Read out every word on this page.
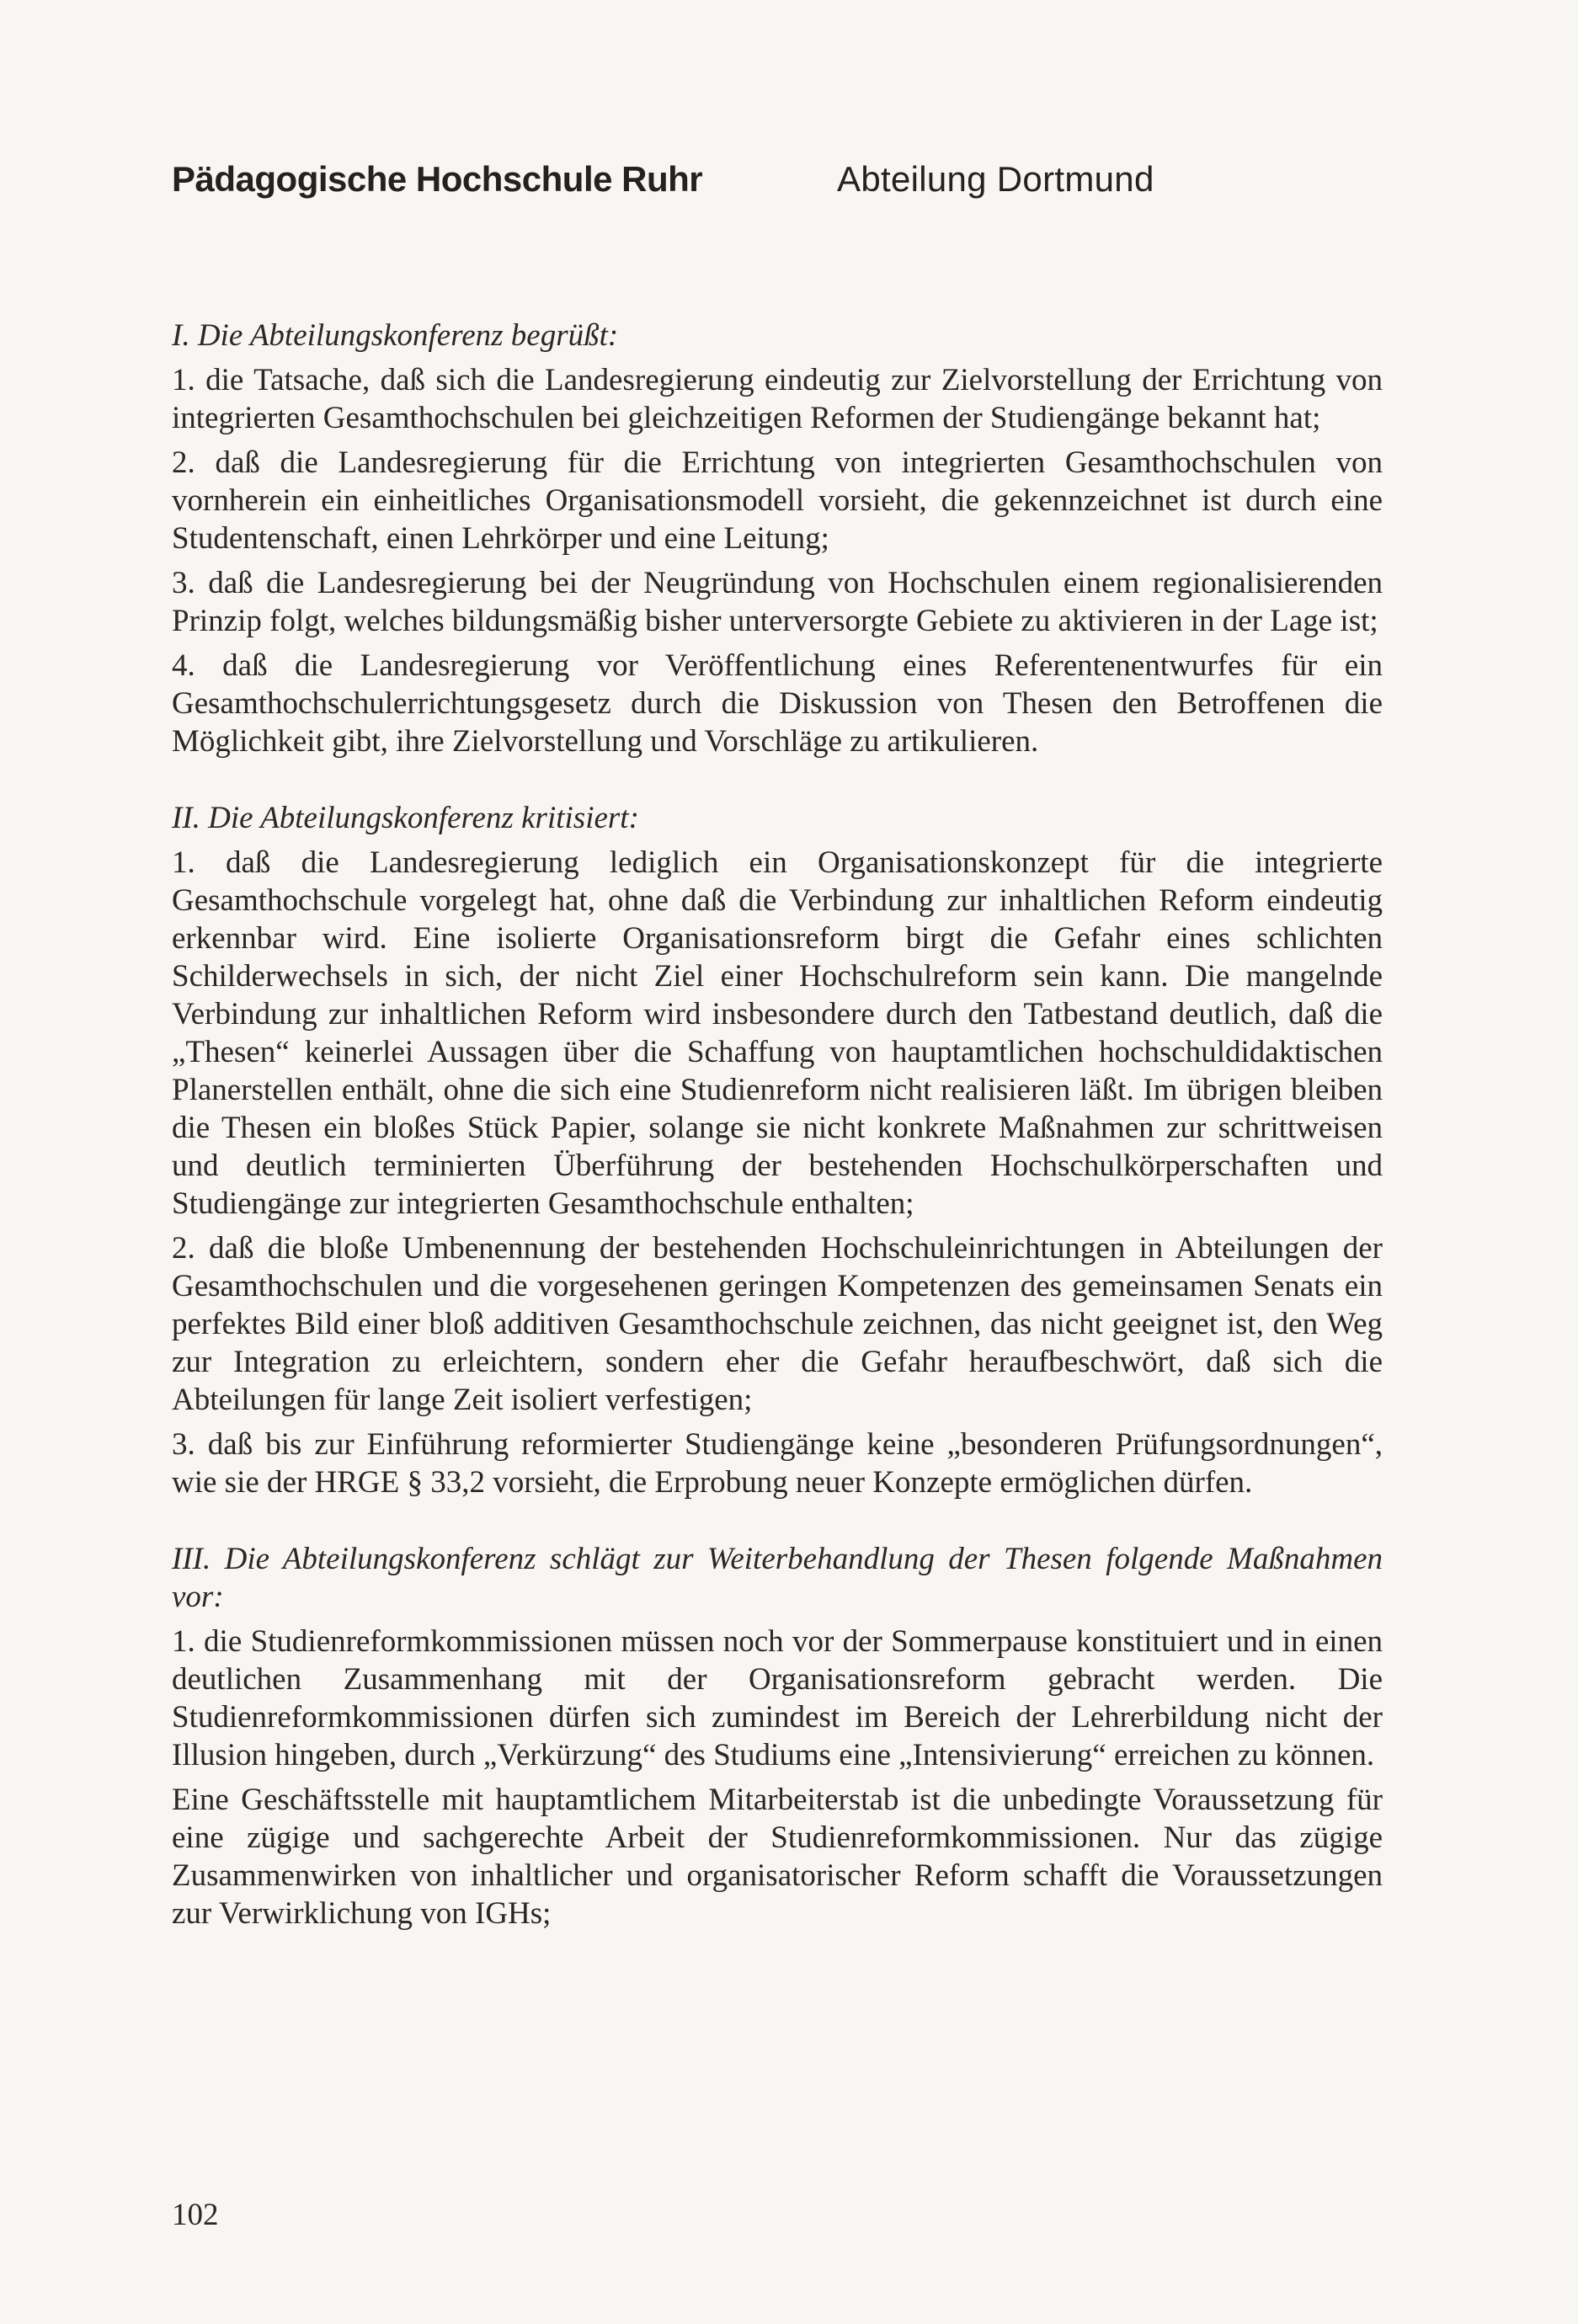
Pädagogische Hochschule Ruhr	Abteilung Dortmund
I. Die Abteilungskonferenz begrüßt:

1. die Tatsache, daß sich die Landesregierung eindeutig zur Zielvorstellung der Errichtung von integrierten Gesamthochschulen bei gleichzeitigen Reformen der Studiengänge bekannt hat;

2. daß die Landesregierung für die Errichtung von integrierten Gesamthochschulen von vornherein ein einheitliches Organisationsmodell vorsieht, die gekennzeichnet ist durch eine Studentenschaft, einen Lehrkörper und eine Leitung;

3. daß die Landesregierung bei der Neugründung von Hochschulen einem regionalisierenden Prinzip folgt, welches bildungsmäßig bisher unterversorgte Gebiete zu aktivieren in der Lage ist;

4. daß die Landesregierung vor Veröffentlichung eines Referentenentwurfes für ein Gesamthochschulerrichtungsgesetz durch die Diskussion von Thesen den Betroffenen die Möglichkeit gibt, ihre Zielvorstellung und Vorschläge zu artikulieren.

II. Die Abteilungskonferenz kritisiert:

1. daß die Landesregierung lediglich ein Organisationskonzept für die integrierte Gesamthochschule vorgelegt hat, ohne daß die Verbindung zur inhaltlichen Reform eindeutig erkennbar wird. Eine isolierte Organisationsreform birgt die Gefahr eines schlichten Schilderwechsels in sich, der nicht Ziel einer Hochschulreform sein kann. Die mangelnde Verbindung zur inhaltlichen Reform wird insbesondere durch den Tatbestand deutlich, daß die „Thesen“ keinerlei Aussagen über die Schaffung von hauptamtlichen hochschuldidaktischen Planerstellen enthält, ohne die sich eine Studienreform nicht realisieren läßt. Im übrigen bleiben die Thesen ein bloßes Stück Papier, solange sie nicht konkrete Maßnahmen zur schrittweisen und deutlich terminierten Überführung der bestehenden Hochschulkörperschaften und Studiengänge zur integrierten Gesamthochschule enthalten;

2. daß die bloße Umbenennung der bestehenden Hochschuleinrichtungen in Abteilungen der Gesamthochschulen und die vorgesehenen geringen Kompetenzen des gemeinsamen Senats ein perfektes Bild einer bloß additiven Gesamthochschule zeichnen, das nicht geeignet ist, den Weg zur Integration zu erleichtern, sondern eher die Gefahr heraufbeschwört, daß sich die Abteilungen für lange Zeit isoliert verfestigen;

3. daß bis zur Einführung reformierter Studiengänge keine „besonderen Prüfungsordnungen“, wie sie der HRGE § 33,2 vorsieht, die Erprobung neuer Konzepte ermöglichen dürfen.

III. Die Abteilungskonferenz schlägt zur Weiterbehandlung der Thesen folgende Maßnahmen vor:

1. die Studienreformkommissionen müssen noch vor der Sommerpause konstituiert und in einen deutlichen Zusammenhang mit der Organisationsreform gebracht werden. Die Studienreformkommissionen dürfen sich zumindest im Bereich der Lehrerbildung nicht der Illusion hingeben, durch „Verkürzung“ des Studiums eine „Intensivierung“ erreichen zu können.

Eine Geschäftsstelle mit hauptamtlichem Mitarbeiterstab ist die unbedingte Voraussetzung für eine zügige und sachgerechte Arbeit der Studienreformkommissionen. Nur das zügige Zusammenwirken von inhaltlicher und organisatorischer Reform schafft die Voraussetzungen zur Verwirklichung von IGHs;

102
